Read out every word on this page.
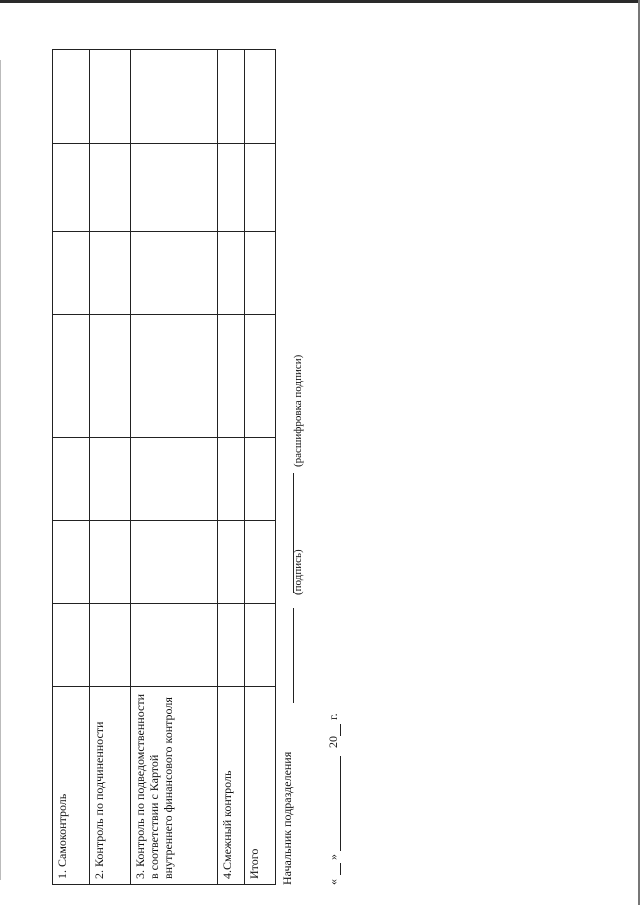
1. Самоконтроль							
2. Контроль по подчиненности							
3. Контроль по подведомственности в соответствии с Картой внутреннего финансового контроля							
4.Смежный контроль							
Итого							Начальник подразделения
(подпись)
(расшифровка подписи)
«»20г.
